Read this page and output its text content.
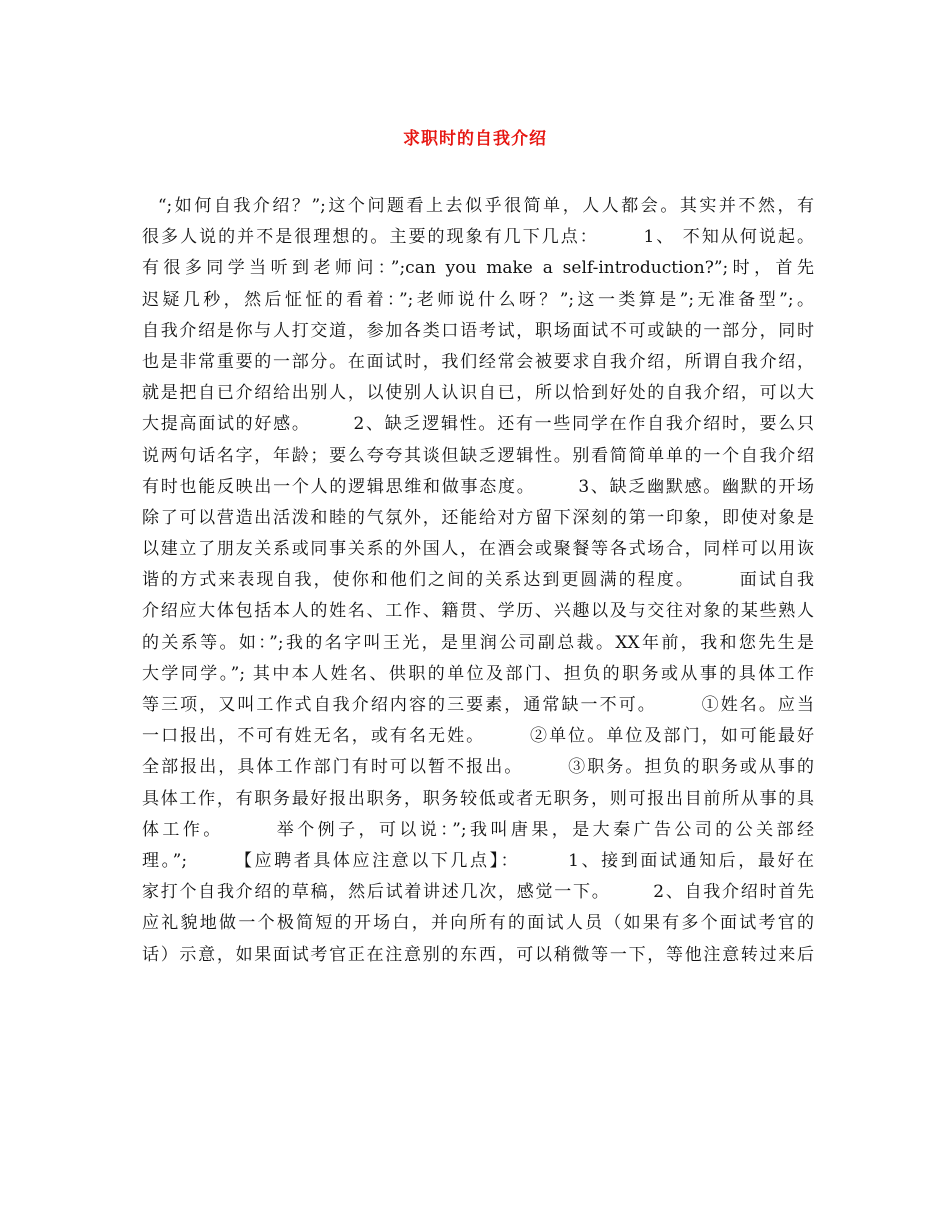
求职时的自我介绍
“;如何自我介绍？”;这个问题看上去似乎很简单，人人都会。其实并不然，有
很多人说的并不是很理想的。主要的现象有几下几点：      1、 不知从何说起。
有很多同学当听到老师问：”;can you make a self-introduction?”;时，首先
迟疑几秒，然后怔怔的看着：”;老师说什么呀？”;这一类算是”;无准备型”;。
自我介绍是你与人打交道，参加各类口语考试，职场面试不可或缺的一部分，同时
也是非常重要的一部分。在面试时，我们经常会被要求自我介绍，所谓自我介绍，
就是把自已介绍给出别人，以使别人认识自已，所以恰到好处的自我介绍，可以大
大提高面试的好感。      2、缺乏逻辑性。还有一些同学在作自我介绍时，要么只
说两句话名字，年龄；要么夸夸其谈但缺乏逻辑性。别看简简单单的一个自我介绍
有时也能反映出一个人的逻辑思维和做事态度。      3、缺乏幽默感。幽默的开场
除了可以营造出活泼和睦的气氛外，还能给对方留下深刻的第一印象，即使对象是
以建立了朋友关系或同事关系的外国人，在酒会或聚餐等各式场合，同样可以用诙
谐的方式来表现自我，使你和他们之间的关系达到更圆满的程度。      面试自我
介绍应大体包括本人的姓名、工作、籍贯、学历、兴趣以及与交往对象的某些熟人
的关系等。如：”;我的名字叫王光，是里润公司副总裁。XX年前，我和您先生是
大学同学。”; 其中本人姓名、供职的单位及部门、担负的职务或从事的具体工作
等三项，又叫工作式自我介绍内容的三要素，通常缺一不可。      ①姓名。应当
一口报出，不可有姓无名，或有名无姓。      ②单位。单位及部门，如可能最好
全部报出，具体工作部门有时可以暂不报出。      ③职务。担负的职务或从事的
具体工作，有职务最好报出职务，职务较低或者无职务，则可报出目前所从事的具
体工作。      举个例子，可以说：”;我叫唐果，是大秦广告公司的公关部经
理。”;      【应聘者具体应注意以下几点】：      1、接到面试通知后，最好在
家打个自我介绍的草稿，然后试着讲述几次，感觉一下。      2、自我介绍时首先
应礼貌地做一个极简短的开场白，并向所有的面试人员（如果有多个面试考官的
话）示意，如果面试考官正在注意别的东西，可以稍微等一下，等他注意转过来后
